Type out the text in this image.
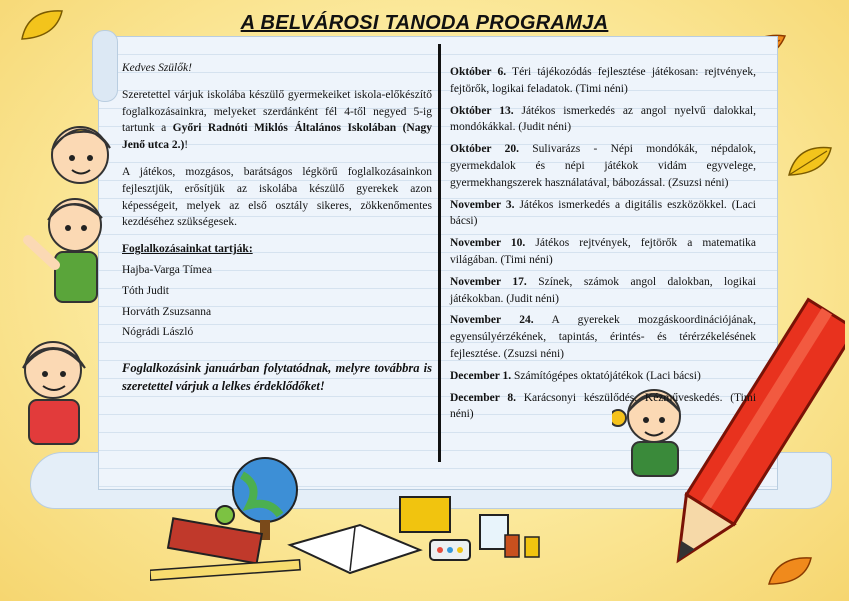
A BELVÁROSI TANODA PROGRAMJA

Kedves Szülők!

Szeretettel várjuk iskolába készülő gyermekeiket iskola-előkészítő foglalkozásainkra, melyeket szerdánként fél 4-től negyed 5-ig tartunk a Győri Radnóti Miklós Általános Iskolában (Nagy Jenő utca 2.)!

A játékos, mozgásos, barátságos légkörű foglalkozásainkon fejlesztjük, erősítjük az iskolába készülő gyerekek azon képességeit, melyek az első osztály sikeres, zökkenőmentes kezdéséhez szükségesek.

Foglalkozásainkat tartják:

Hajba-Varga Tímea

Tóth Judit

Horváth Zsuzsanna

Nógrádi László

Foglalkozásink januárban folytatódnak, melyre továbbra is szeretettel várjuk a lelkes érdeklődőket!

Október 6. Téri tájékozódás fejlesztése játékosan: rejtvények, fejtörők, logikai feladatok. (Timi néni)

Október 13. Játékos ismerkedés az angol nyelvű dalokkal, mondókákkal. (Judit néni)

Október 20. Sulivarázs - Népi mondókák, népdalok, gyermekdalok és népi játékok vidám egyvelege, gyermekhangszerek használatával, bábozással. (Zsuzsi néni)

November 3. Játékos ismerkedés a digitális eszközökkel. (Laci bácsi)

November 10. Játékos rejtvények, fejtörők a matematika világában. (Timi néni)

November 17. Színek, számok angol dalokban, logikai játékokban. (Judit néni)

November 24. A gyerekek mozgáskoordinációjának, egyensúlyérzékének, tapintás, érintés- és térérzékelésének fejlesztése. (Zsuzsi néni)

December 1. Számítógépes oktatójátékok (Laci bácsi)

December 8. Karácsonyi készülődés. Kézműveskedés. (Timi néni)
